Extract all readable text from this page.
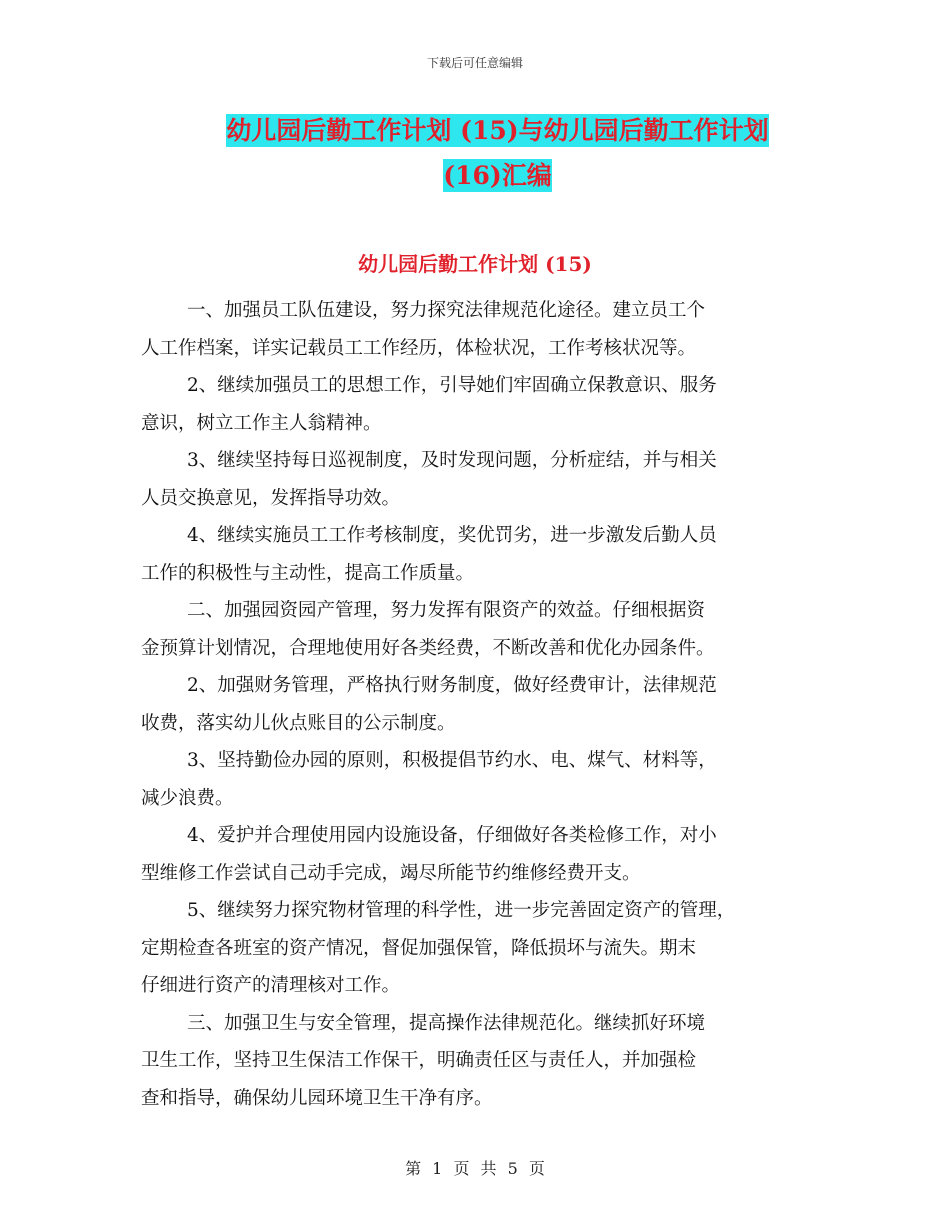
下载后可任意编辑
幼儿园后勤工作计划 (15)与幼儿园后勤工作计划
(16)汇编
幼儿园后勤工作计划 (15)

一、加强员工队伍建设，努力探究法律规范化途径。建立员工个
人工作档案，详实记载员工工作经历，体检状况，工作考核状况等。

2、继续加强员工的思想工作，引导她们牢固确立保教意识、服务
意识，树立工作主人翁精神。

3、继续坚持每日巡视制度，及时发现问题，分析症结，并与相关
人员交换意见，发挥指导功效。

4、继续实施员工工作考核制度，奖优罚劣，进一步激发后勤人员
工作的积极性与主动性，提高工作质量。

二、加强园资园产管理，努力发挥有限资产的效益。仔细根据资
金预算计划情况，合理地使用好各类经费，不断改善和优化办园条件。

2、加强财务管理，严格执行财务制度，做好经费审计，法律规范
收费，落实幼儿伙点账目的公示制度。

3、坚持勤俭办园的原则，积极提倡节约水、电、煤气、材料等，
减少浪费。

4、爱护并合理使用园内设施设备，仔细做好各类检修工作，对小
型维修工作尝试自己动手完成，竭尽所能节约维修经费开支。

5、继续努力探究物材管理的科学性，进一步完善固定资产的管理，
定期检查各班室的资产情况，督促加强保管，降低损坏与流失。期末
仔细进行资产的清理核对工作。

三、加强卫生与安全管理，提高操作法律规范化。继续抓好环境
卫生工作，坚持卫生保洁工作保干，明确责任区与责任人，并加强检
查和指导，确保幼儿园环境卫生干净有序。

第 1 页 共 5 页
